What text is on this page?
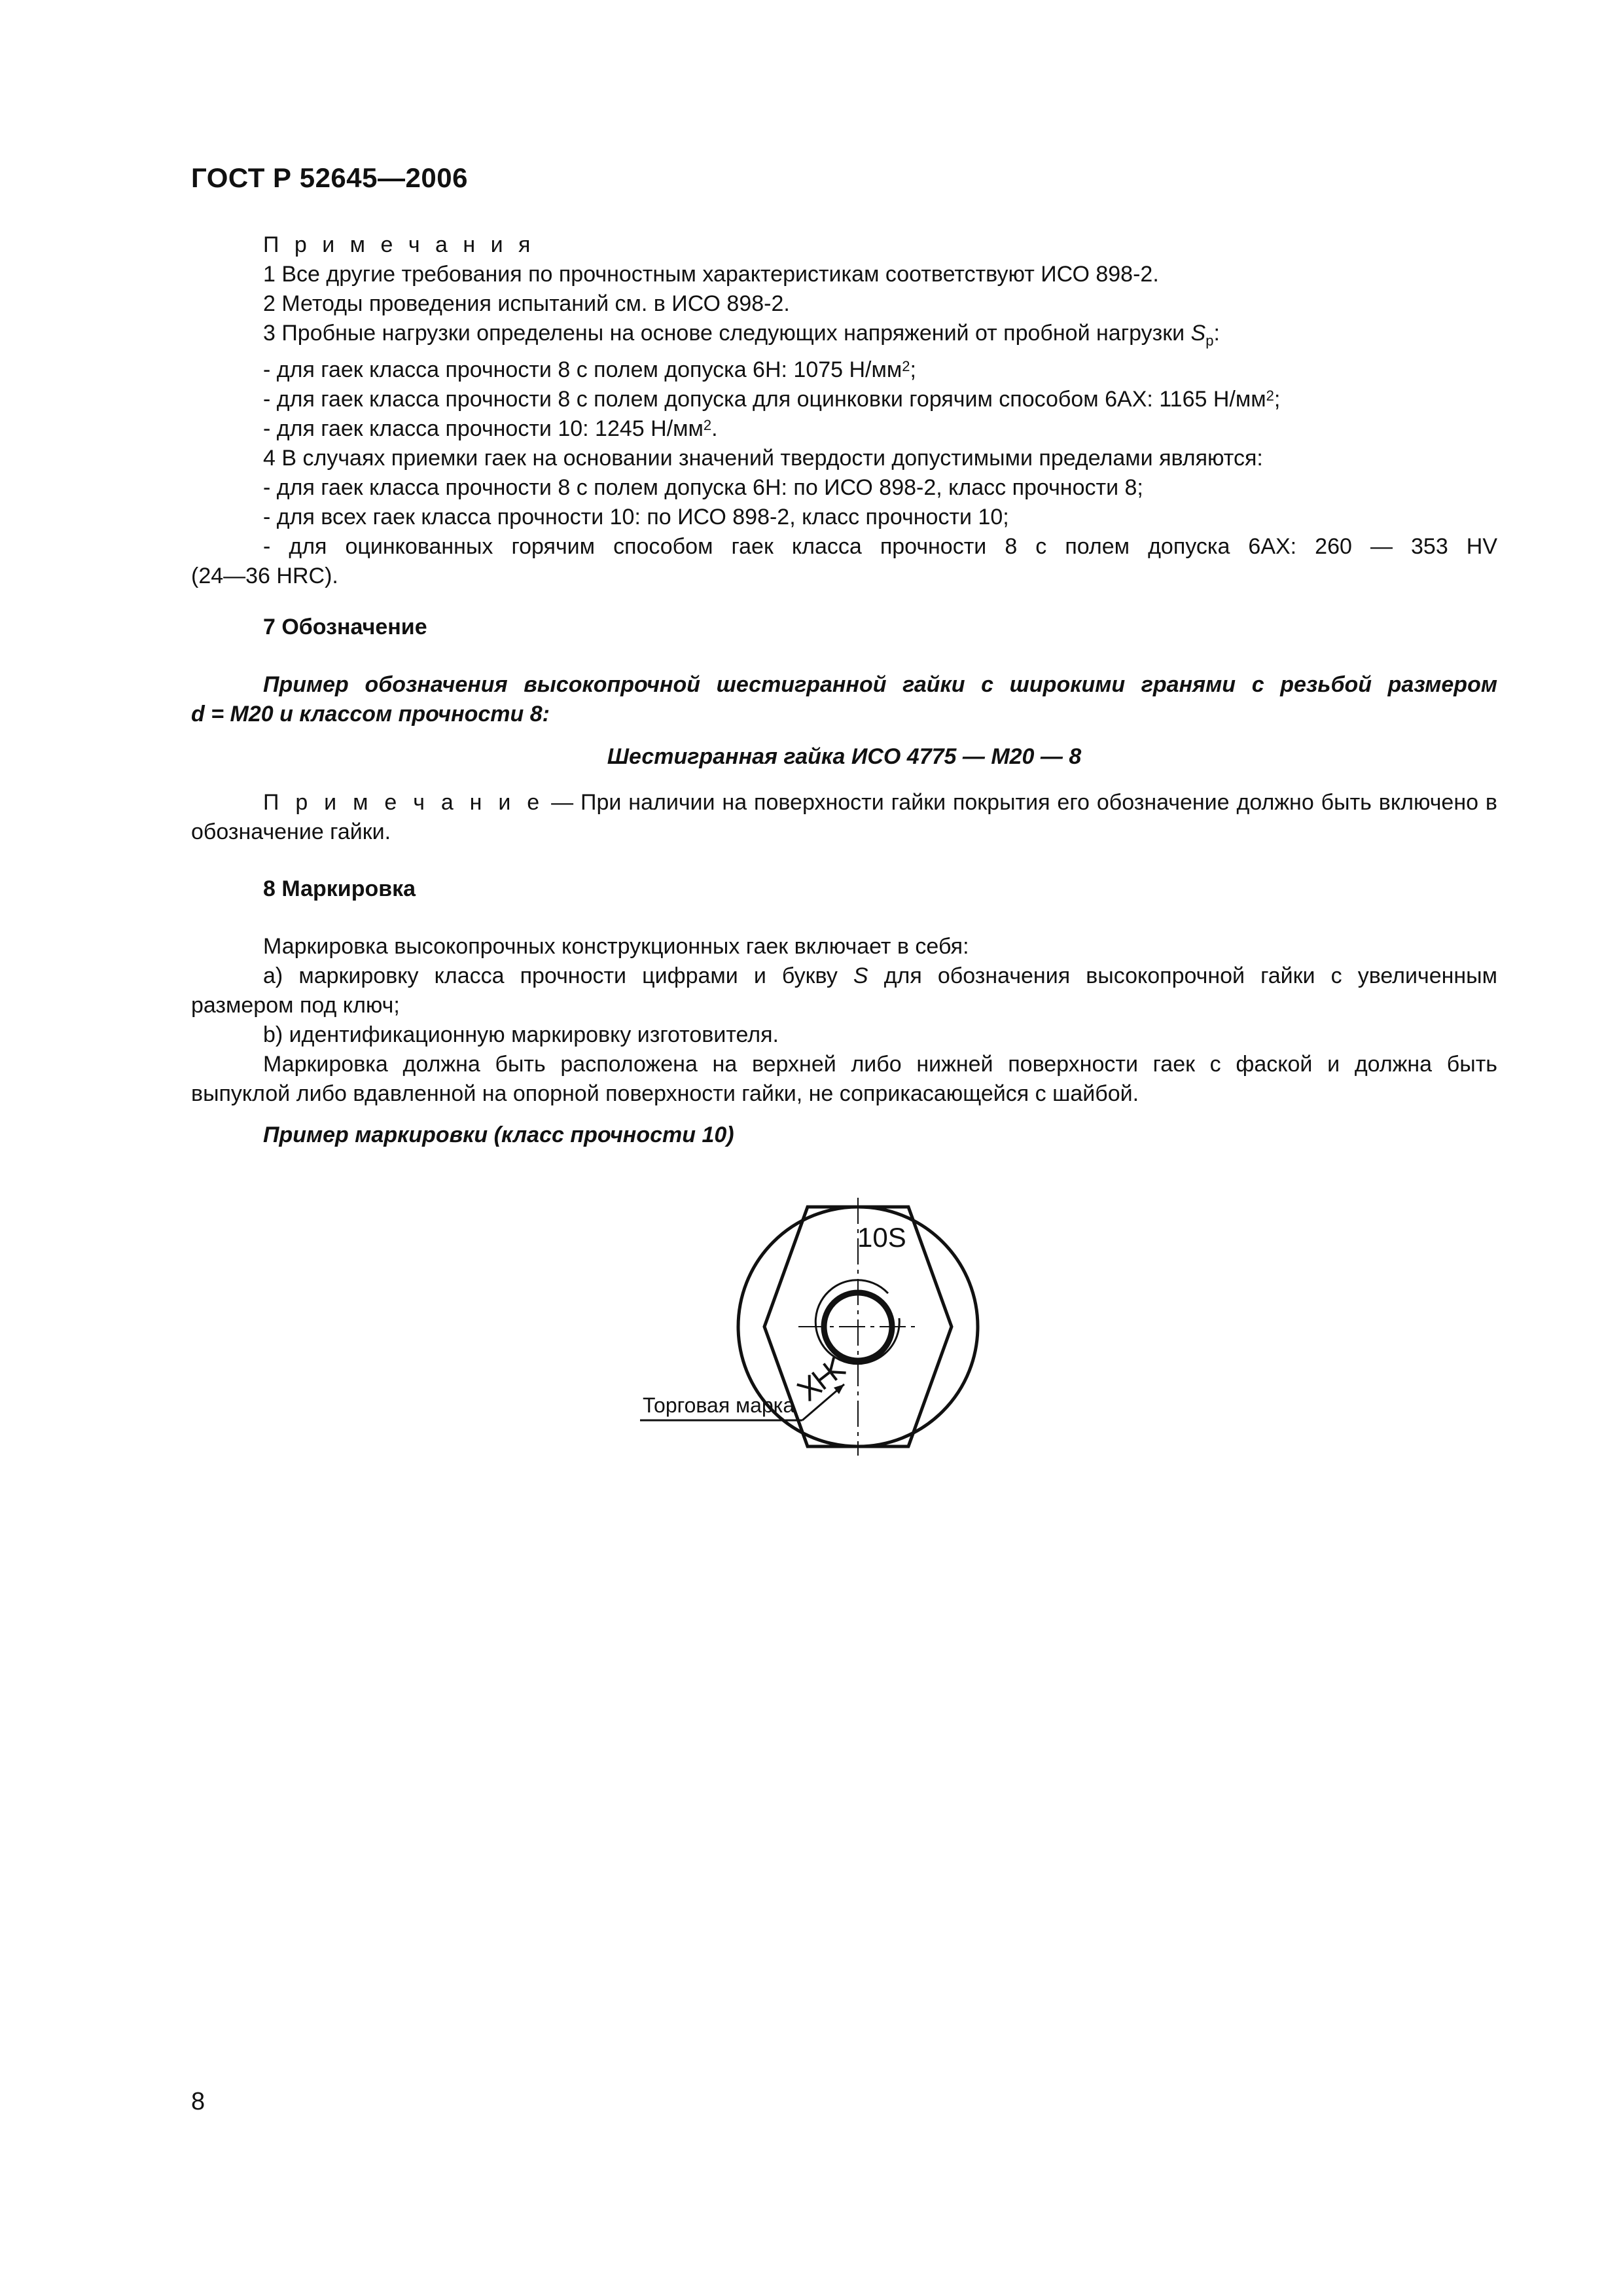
ГОСТ Р 52645—2006
П р и м е ч а н и я
1 Все другие требования по прочностным характеристикам соответствуют ИСО 898-2.
2 Методы проведения испытаний см. в ИСО 898-2.
3 Пробные нагрузки определены на основе следующих напряжений от пробной нагрузки $S_p$:
- для гаек класса прочности 8 с полем допуска 6Н: 1075 $Н/мм^2$;
- для гаек класса прочности 8 с полем допуска для оцинковки горячим способом 6АХ: 1165 $Н/мм^2$;
- для гаек класса прочности 10: 1245 $Н/мм^2$.
4 В случаях приемки гаек на основании значений твердости допустимыми пределами являются:
- для гаек класса прочности 8 с полем допуска 6Н: по ИСО 898-2, класс прочности 8;
- для всех гаек класса прочности 10: по ИСО 898-2, класс прочности 10;
- для оцинкованных горячим способом гаек класса прочности 8 с полем допуска 6АХ: 260 — 353 HV
(24—36 HRC).
7 Обозначение
Пример обозначения высокопрочной шестигранной гайки с широкими гранями с резьбой размером
d = M20 и классом прочности 8:
Шестигранная гайка ИСО 4775 — М20 — 8
П р и м е ч а н и е — При наличии на поверхности гайки покрытия его обозначение должно быть включено в
обозначение гайки.
8 Маркировка
Маркировка высокопрочных конструкционных гаек включает в себя:
а) маркировку класса прочности цифрами и букву S для обозначения высокопрочной гайки с увеличенным
размером под ключ;
b) идентификационную маркировку изготовителя.
Маркировка должна быть расположена на верхней либо нижней поверхности гаек с фаской и должна быть
выпуклой либо вдавленной на опорной поверхности гайки, не соприкасающейся с шайбой.
Пример маркировки (класс прочности 10)
10S
Торговая марка
8
